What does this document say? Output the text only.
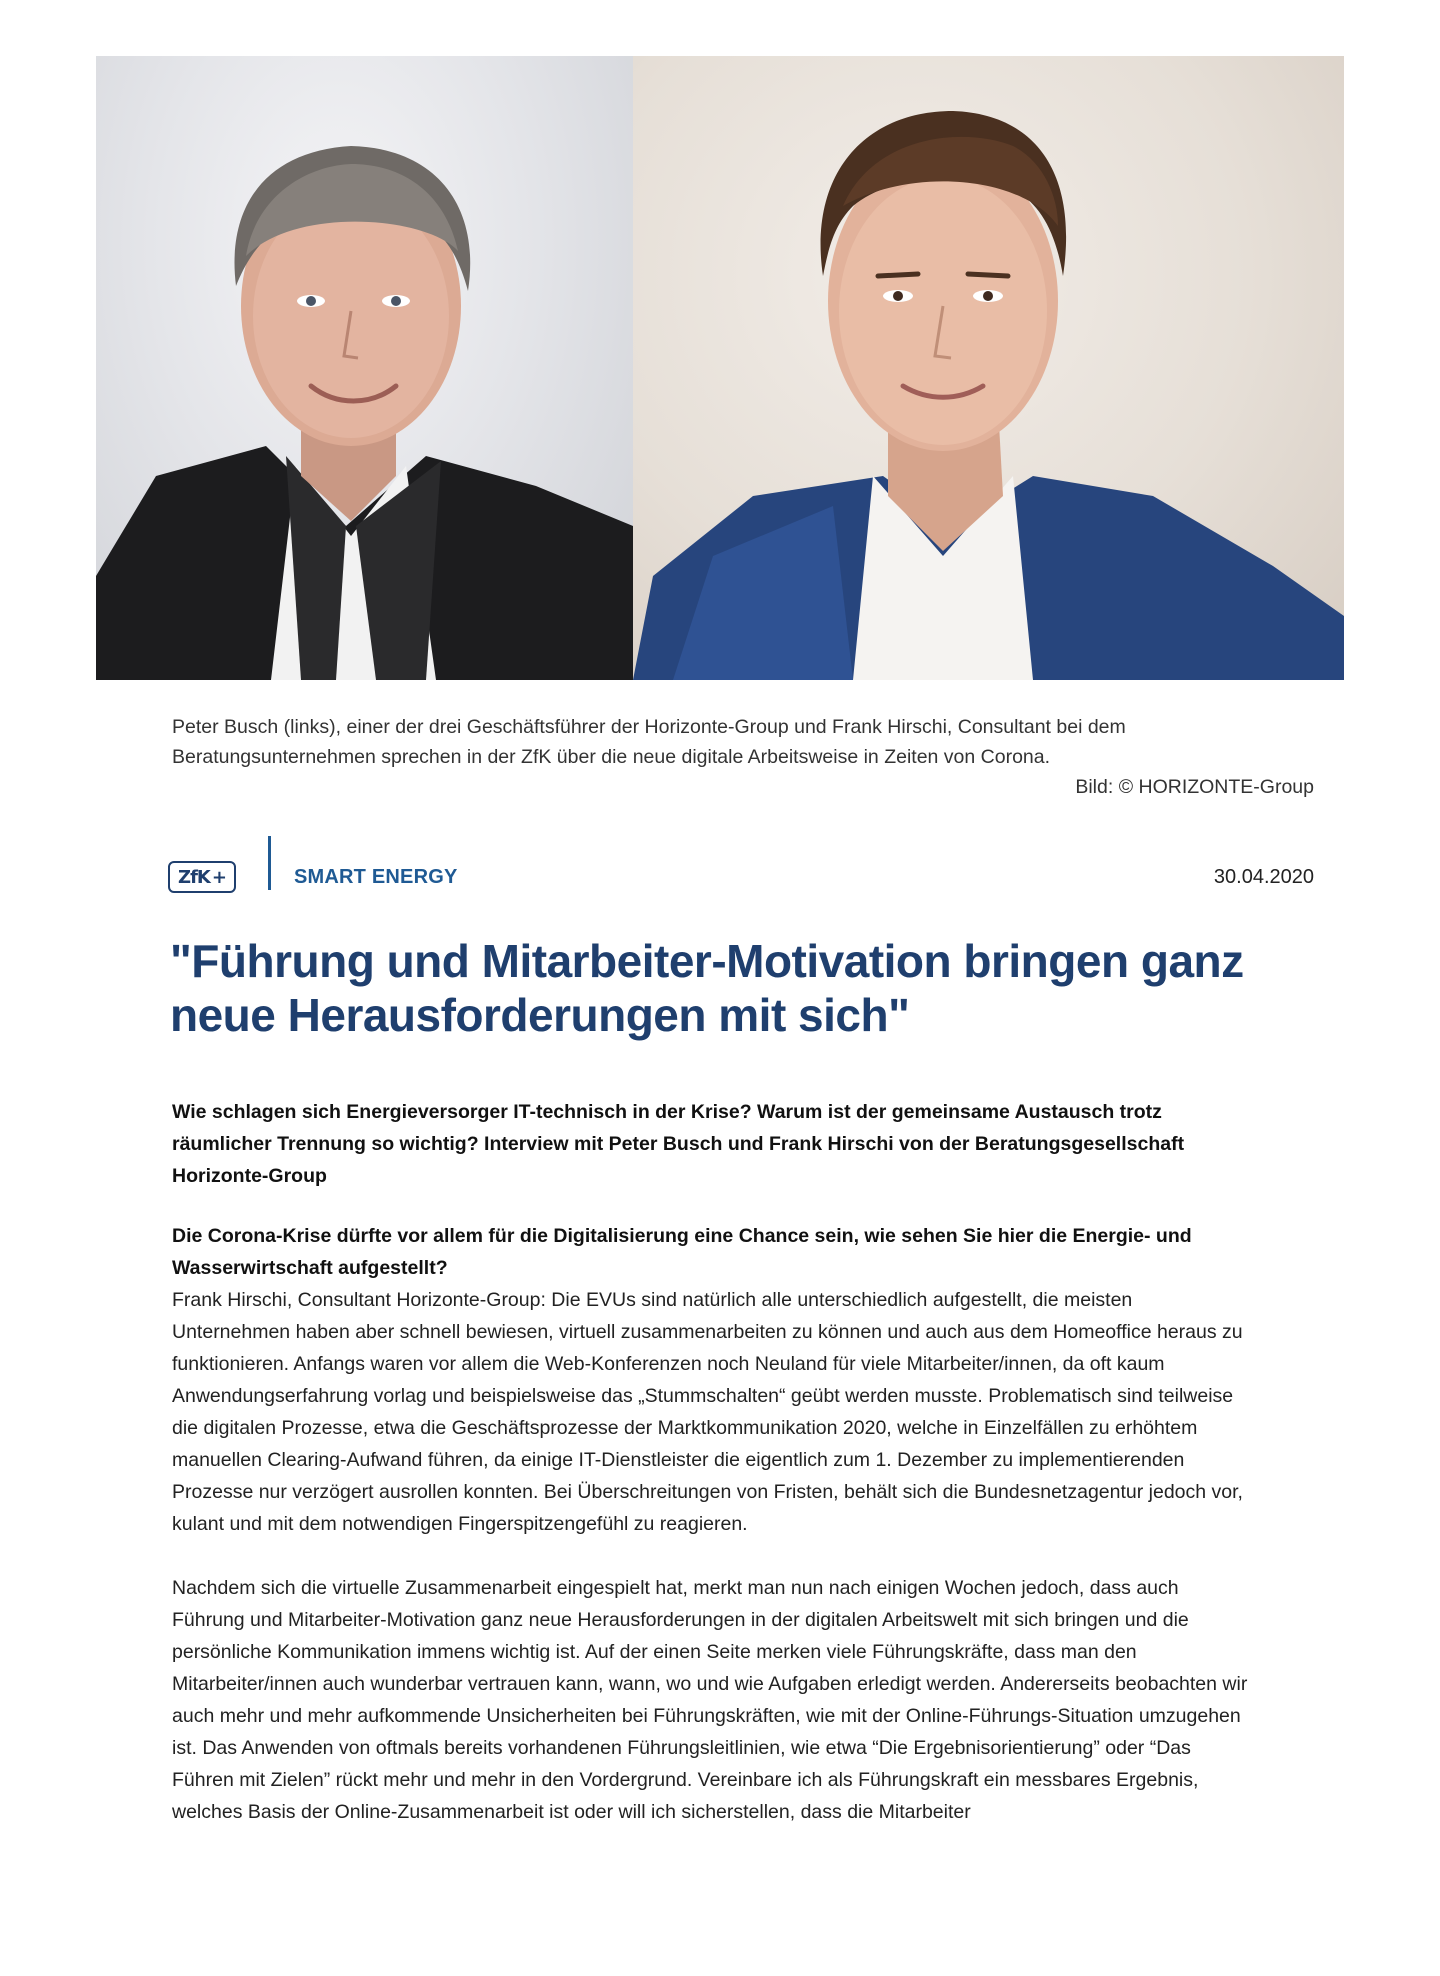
Peter Busch (links), einer der drei Geschäftsführer der Horizonte-Group und Frank Hirschi, Consultant bei dem Beratungsunternehmen sprechen in der ZfK über die neue digitale Arbeitsweise in Zeiten von Corona.

Bild: © HORIZONTE-Group
ZfK +	SMART ENERGY	30.04.2020
"Führung und Mitarbeiter-Motivation bringen ganz neue Herausforderungen mit sich"

Wie schlagen sich Energieversorger IT-technisch in der Krise? Warum ist der gemeinsame Austausch trotz räumlicher Trennung so wichtig? Interview mit Peter Busch und Frank Hirschi von der Beratungsgesellschaft Horizonte-Group

Die Corona-Krise dürfte vor allem für die Digitalisierung eine Chance sein, wie sehen Sie hier die Energie- und Wasserwirtschaft aufgestellt?

Frank Hirschi, Consultant Horizonte-Group: Die EVUs sind natürlich alle unterschiedlich aufgestellt, die meisten Unternehmen haben aber schnell bewiesen, virtuell zusammenarbeiten zu können und auch aus dem Homeoffice heraus zu funktionieren. Anfangs waren vor allem die Web-Konferenzen noch Neuland für viele Mitarbeiter/innen, da oft kaum Anwendungserfahrung vorlag und beispielsweise das „Stummschalten“ geübt werden musste. Problematisch sind teilweise die digitalen Prozesse, etwa die Geschäftsprozesse der Marktkommunikation 2020, welche in Einzelfällen zu erhöhtem manuellen Clearing-Aufwand führen, da einige IT-Dienstleister die eigentlich zum 1. Dezember zu implementierenden Prozesse nur verzögert ausrollen konnten. Bei Überschreitungen von Fristen, behält sich die Bundesnetzagentur jedoch vor, kulant und mit dem notwendigen Fingerspitzengefühl zu reagieren.

Nachdem sich die virtuelle Zusammenarbeit eingespielt hat, merkt man nun nach einigen Wochen jedoch, dass auch Führung und Mitarbeiter-Motivation ganz neue Herausforderungen in der digitalen Arbeitswelt mit sich bringen und die persönliche Kommunikation immens wichtig ist. Auf der einen Seite merken viele Führungskräfte, dass man den Mitarbeiter/innen auch wunderbar vertrauen kann, wann, wo und wie Aufgaben erledigt werden. Andererseits beobachten wir auch mehr und mehr aufkommende Unsicherheiten bei Führungskräften, wie mit der Online-Führungs-Situation umzugehen ist. Das Anwenden von oftmals bereits vorhandenen Führungsleitlinien, wie etwa “Die Ergebnisorientierung” oder “Das Führen mit Zielen” rückt mehr und mehr in den Vordergrund. Vereinbare ich als Führungskraft ein messbares Ergebnis, welches Basis der Online-Zusammenarbeit ist oder will ich sicherstellen, dass die Mitarbeiter
